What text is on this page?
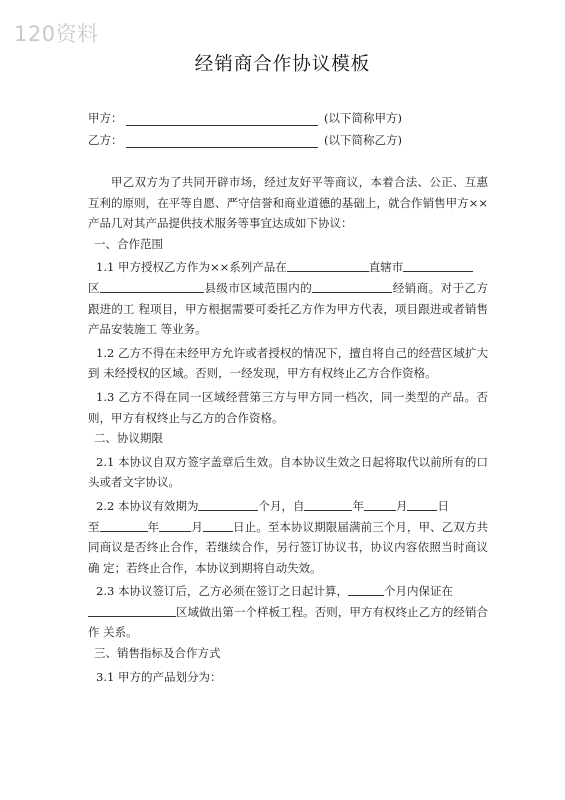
120资料
经销商合作协议模板
甲方：	(以下简称甲方)
乙方：	(以下简称乙方)

甲乙双方为了共同开辟市场，经过友好平等商议，本着合法、公正、互惠互利的原则，在平等自愿、严守信誉和商业道德的基础上，就合作销售甲方××产品几对其产品提供技术服务等事宜达成如下协议：

一、合作范围

1.1 甲方授权乙方作为××系列产品在	直辖市
区	县级市区域范围内的	经销商。对于乙方跟进的工 程项目，甲方根据需要可委托乙方作为甲方代表，项目跟进或者销售产品安装施工 等业务。

1.2 乙方不得在未经甲方允许或者授权的情况下，擅自将自己的经营区域扩大到 未经授权的区域。否则，一经发现，甲方有权终止乙方合作资格。

1.3 乙方不得在同一区域经营第三方与甲方同一档次，同一类型的产品。否则，甲方有权终止与乙方的合作资格。

二、协议期限

2.1 本协议自双方签字盖章后生效。自本协议生效之日起将取代以前所有的口 头或者文字协议。

2.2 本协议有效期为	个月，自	年	月	日
至	年	月	日止。至本协议期限届满前三个月，甲、乙双方共 同商议是否终止合作，若继续合作，另行签订协议书，协议内容依照当时商议确 定；若终止合作，本协议到期将自动失效。

2.3 本协议签订后，乙方必须在签订之日起计算，	个月内保证在
区域做出第一个样板工程。否则，甲方有权终止乙方的经销合作 关系。

三、销售指标及合作方式

3.1 甲方的产品划分为：
